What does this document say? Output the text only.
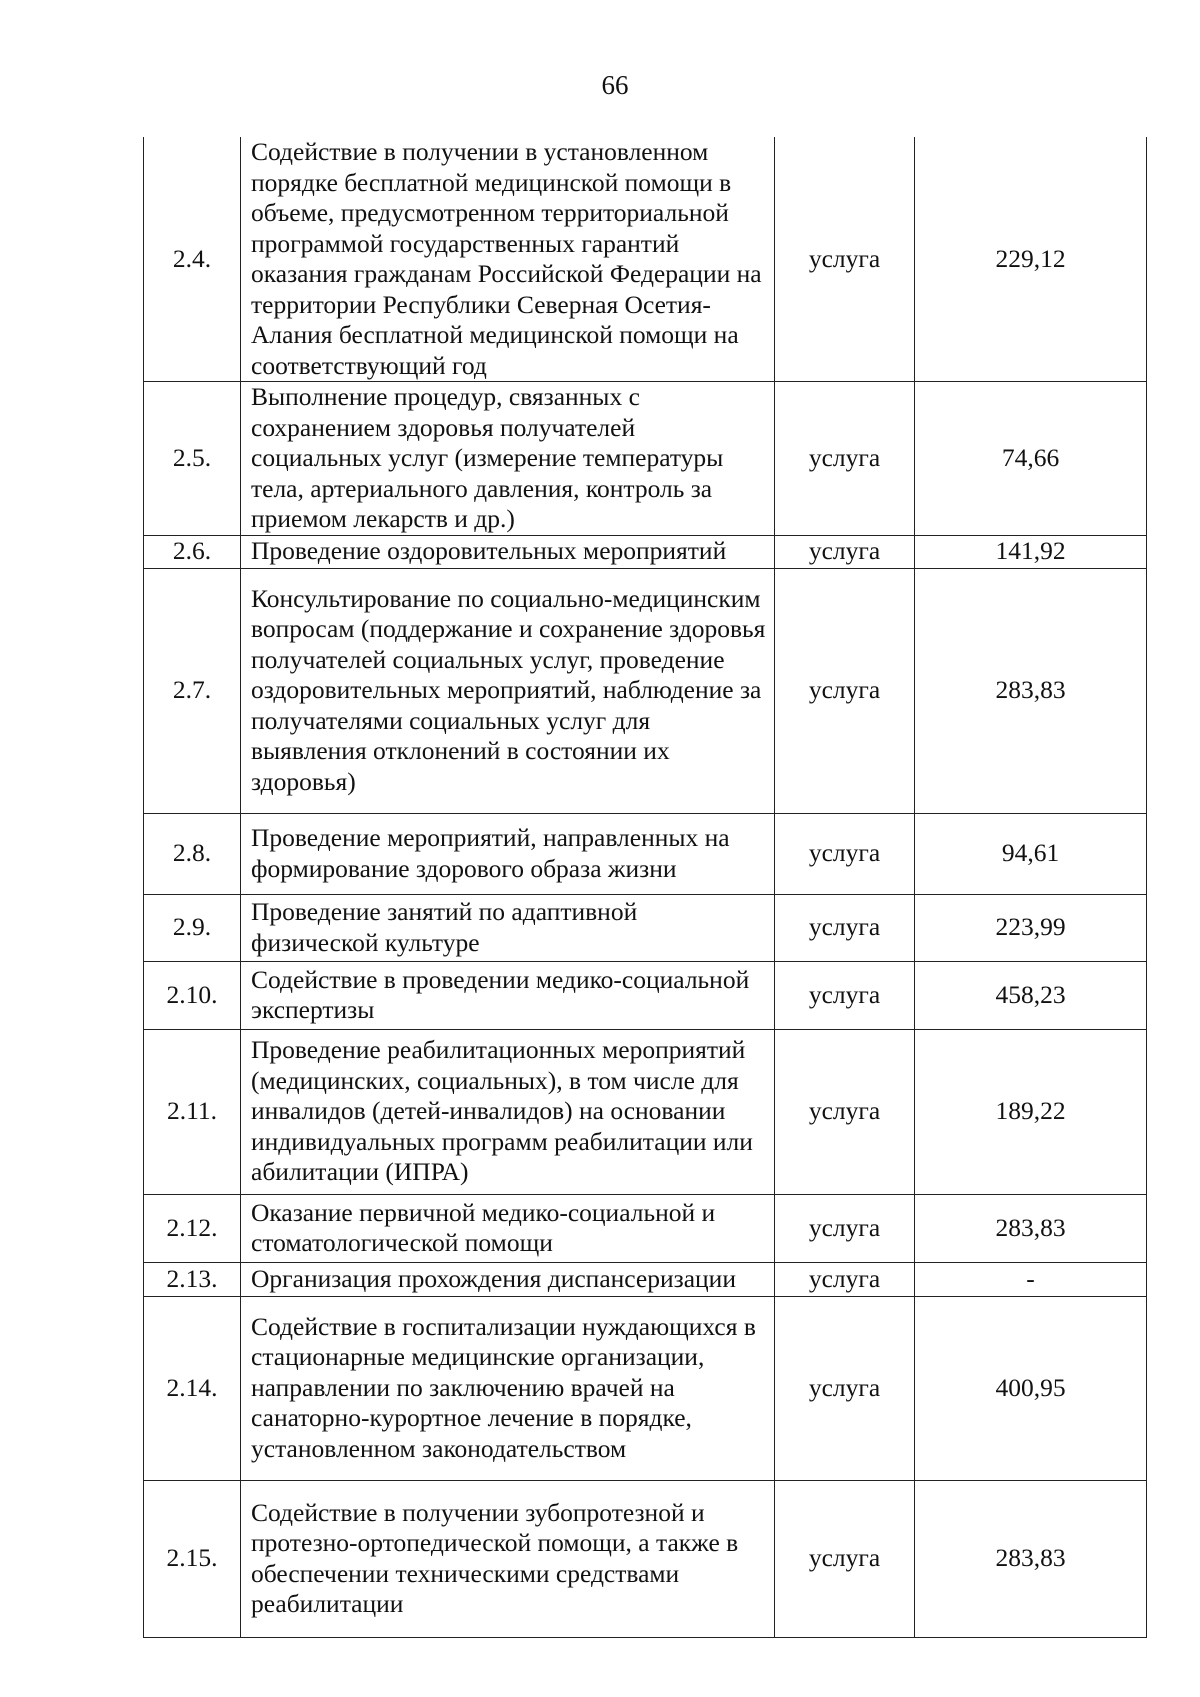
66
2.4.	Содействие в получении в установленном порядке бесплатной медицинской помощи в объеме, предусмотренном территориальной программой государственных гарантий оказания гражданам Российской Федерации на территории Республики Северная Осетия-Алания бесплатной медицинской помощи на соответствующий год	услуга	229,12
2.5.	Выполнение процедур, связанных с сохранением здоровья получателей социальных услуг (измерение температуры тела, артериального давления, контроль за приемом лекарств и др.)	услуга	74,66
2.6.	Проведение оздоровительных мероприятий	услуга	141,92
2.7.	Консультирование по социально-медицинским вопросам (поддержание и сохранение здоровья получателей социальных услуг, проведение оздоровительных мероприятий, наблюдение за получателями социальных услуг для выявления отклонений в состоянии их здоровья)	услуга	283,83
2.8.	Проведение мероприятий, направленных на формирование здорового образа жизни	услуга	94,61
2.9.	Проведение занятий по адаптивной физической культуре	услуга	223,99
2.10.	Содействие в проведении медико-социальной экспертизы	услуга	458,23
2.11.	Проведение реабилитационных мероприятий (медицинских, социальных), в том числе для инвалидов (детей-инвалидов) на основании индивидуальных программ реабилитации или абилитации (ИПРА)	услуга	189,22
2.12.	Оказание первичной медико-социальной и стоматологической помощи	услуга	283,83
2.13.	Организация прохождения диспансеризации	услуга	-
2.14.	Содействие в госпитализации нуждающихся в стационарные медицинские организации, направлении по заключению врачей на санаторно-курортное лечение в порядке, установленном законодательством	услуга	400,95
2.15.	Содействие в получении зубопротезной и протезно-ортопедической помощи, а также в обеспечении техническими средствами реабилитации	услуга	283,83
